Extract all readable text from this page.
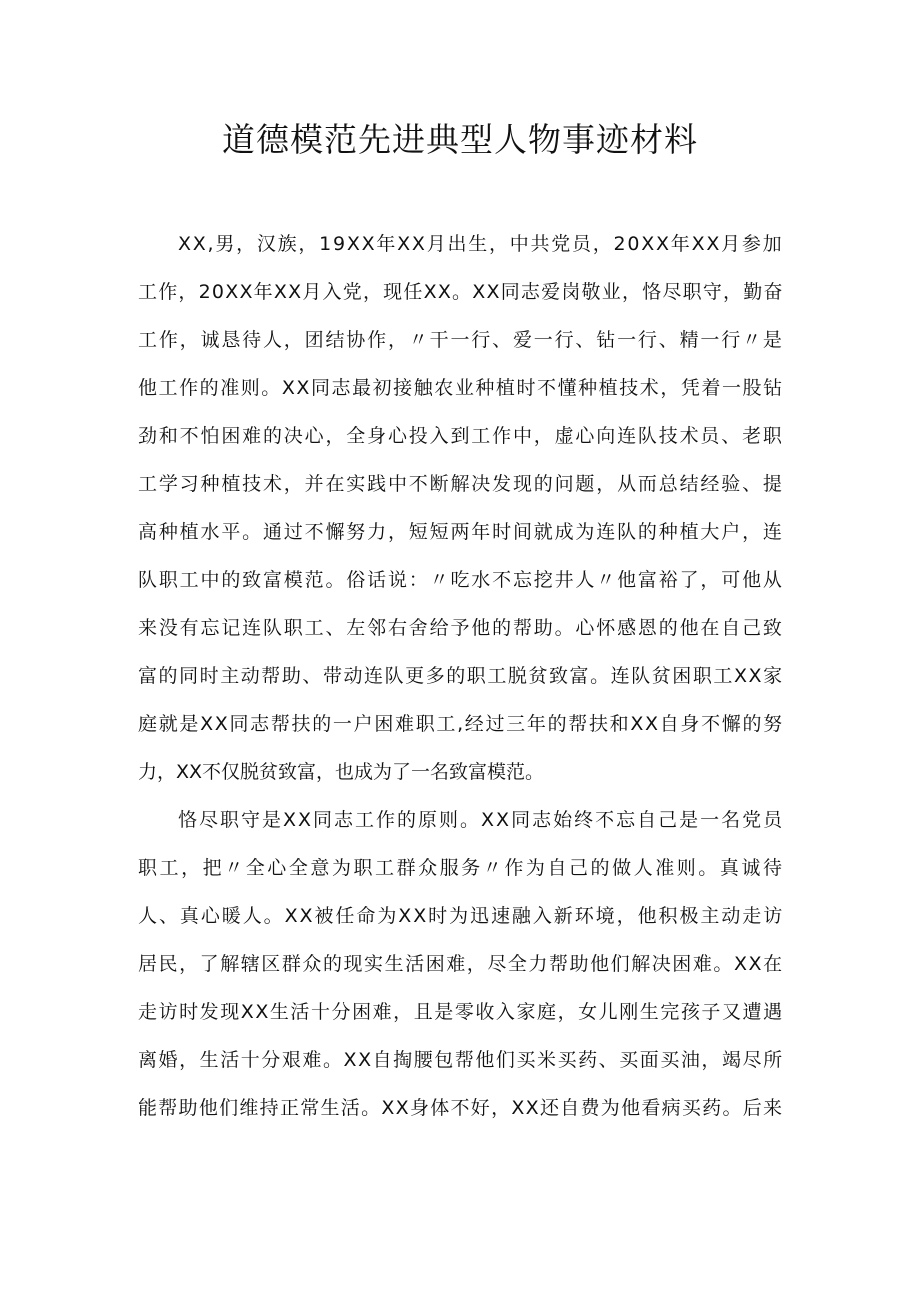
道德模范先进典型人物事迹材料

XX,男，汉族，19XX年XX月出生，中共党员，20XX年XX月参加

工作，20XX年XX月入党，现任XX。XX同志爱岗敬业，恪尽职守，勤奋

工作，诚恳待人，团结协作，〃干一行、爱一行、钻一行、精一行〃是

他工作的准则。XX同志最初接触农业种植时不懂种植技术，凭着一股钻

劲和不怕困难的决心，全身心投入到工作中，虚心向连队技术员、老职

工学习种植技术，并在实践中不断解决发现的问题，从而总结经验、提

高种植水平。通过不懈努力，短短两年时间就成为连队的种植大户，连

队职工中的致富模范。俗话说：〃吃水不忘挖井人〃他富裕了，可他从

来没有忘记连队职工、左邻右舍给予他的帮助。心怀感恩的他在自己致

富的同时主动帮助、带动连队更多的职工脱贫致富。连队贫困职工XX家

庭就是XX同志帮扶的一户困难职工,经过三年的帮扶和XX自身不懈的努

力，XX不仅脱贫致富，也成为了一名致富模范。

恪尽职守是XX同志工作的原则。XX同志始终不忘自己是一名党员

职工，把〃全心全意为职工群众服务〃作为自己的做人准则。真诚待

人、真心暖人。XX被任命为XX时为迅速融入新环境，他积极主动走访

居民，了解辖区群众的现实生活困难，尽全力帮助他们解决困难。XX在

走访时发现XX生活十分困难，且是零收入家庭，女儿刚生完孩子又遭遇

离婚，生活十分艰难。XX自掏腰包帮他们买米买药、买面买油，竭尽所

能帮助他们维持正常生活。XX身体不好，XX还自费为他看病买药。后来
